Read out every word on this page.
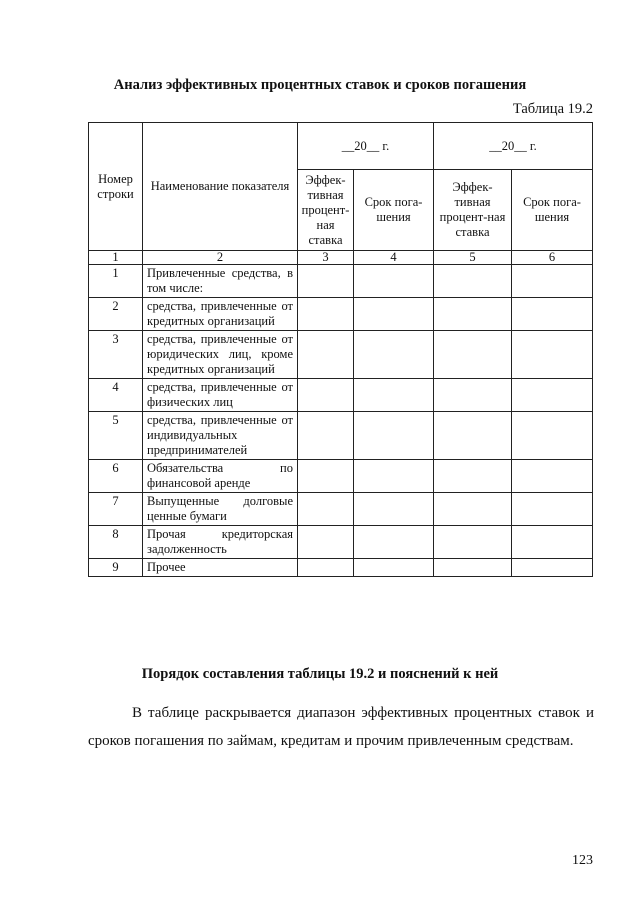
Анализ эффективных процентных ставок и сроков погашения
Таблица 19.2
Номер строки	Наименование показателя	__20__ г.		__20__ г.	
		Эффек-тивная процент-ная ставка	Срок пога-шения	Эффек-тивная процент-ная ставка	Срок пога-шения
1	2	3	4	5	6
1	Привлеченные средства, в том числе:				
2	средства, привлеченные от кредитных организаций				
3	средства, привлеченные от юридических лиц, кроме кредитных организаций				
4	средства, привлеченные от физических лиц				
5	средства, привлеченные от индивидуальных предпринимателей				
6	Обязательства по финансовой аренде				
7	Выпущенные долговые ценные бумаги				
8	Прочая кредиторская задолженность				
9	Прочее				
Порядок составления таблицы 19.2 и пояснений к ней
В таблице раскрывается диапазон эффективных процентных ставок и сроков погашения по займам, кредитам и прочим привлеченным средствам.
123
